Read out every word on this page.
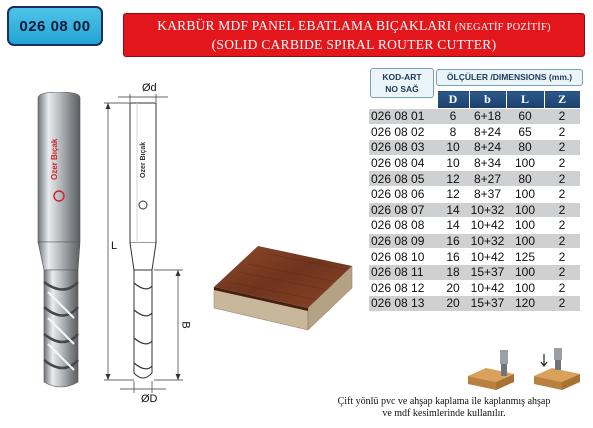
026 08 00	KARBÜR MDF PANEL EBATLAMA BIÇAKLARI (NEGATİF POZİTİF)
(SOLID CARBIDE SPIRAL ROUTER CUTTER)
Ozer Bıçak	Ozer Bıçak
Ød
ØD
L
B
KOD-ART
NO SAĞ
ÖLÇÜLER /DIMENSIONS (mm.)
	D	b	L	Z
026 08 01	6	6+18	60	2
026 08 02	8	8+24	65	2
026 08 03	10	8+24	80	2
026 08 04	10	8+34	100	2
026 08 05	12	8+27	80	2
026 08 06	12	8+37	100	2
026 08 07	14	10+32	100	2
026 08 08	14	10+42	100	2
026 08 09	16	10+32	100	2
026 08 10	16	10+42	125	2
026 08 11	18	15+37	100	2
026 08 12	20	10+42	100	2
026 08 13	20	15+37	120	2
Çift yönlü pvc ve ahşap kaplama ile kaplanmış ahşap
ve mdf kesimlerinde kullanılır.
